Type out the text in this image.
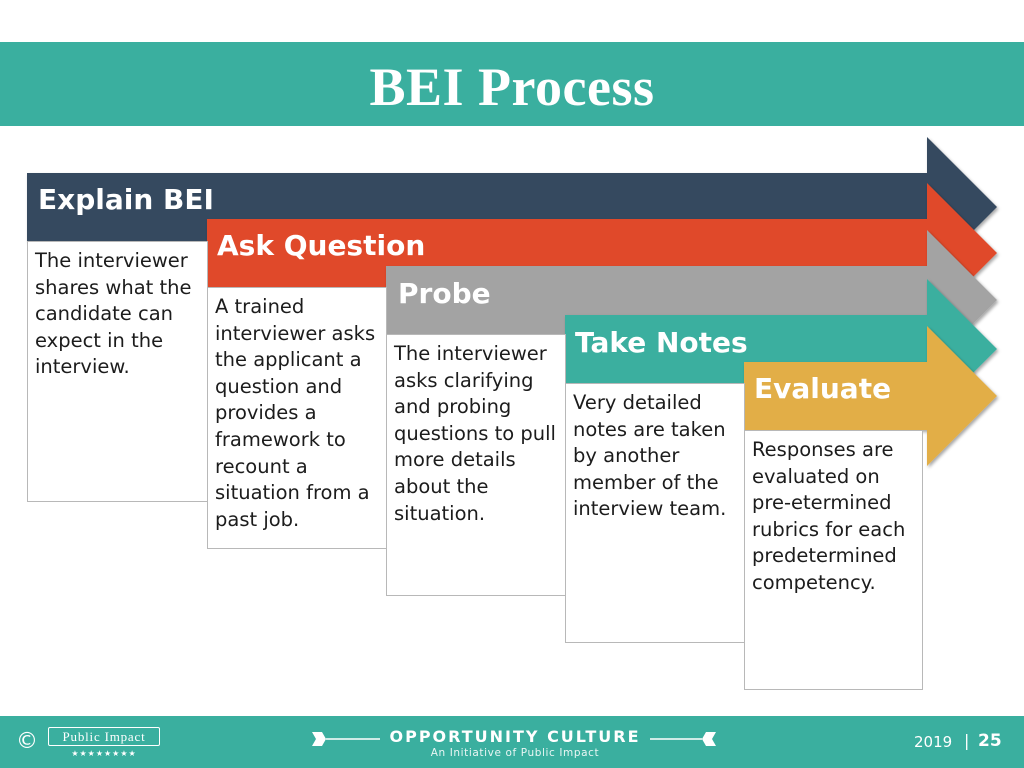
BEI Process
The interviewer shares what the candidate can expect in the interview.
A trained interviewer asks the applicant a question and provides a framework to recount a situation from a past job.
The interviewer asks clarifying and probing questions to pull more details about the situation.
Very detailed notes are taken by another member of the interview team.
Responses are evaluated on pre-etermined rubrics for each predetermined competency.
Explain BEI
Ask Question
Probe
Take Notes
Evaluate
©	Public Impact
★★★★★★★★
OPPORTUNITY CULTURE
An Initiative of Public Impact
2019 | 25
